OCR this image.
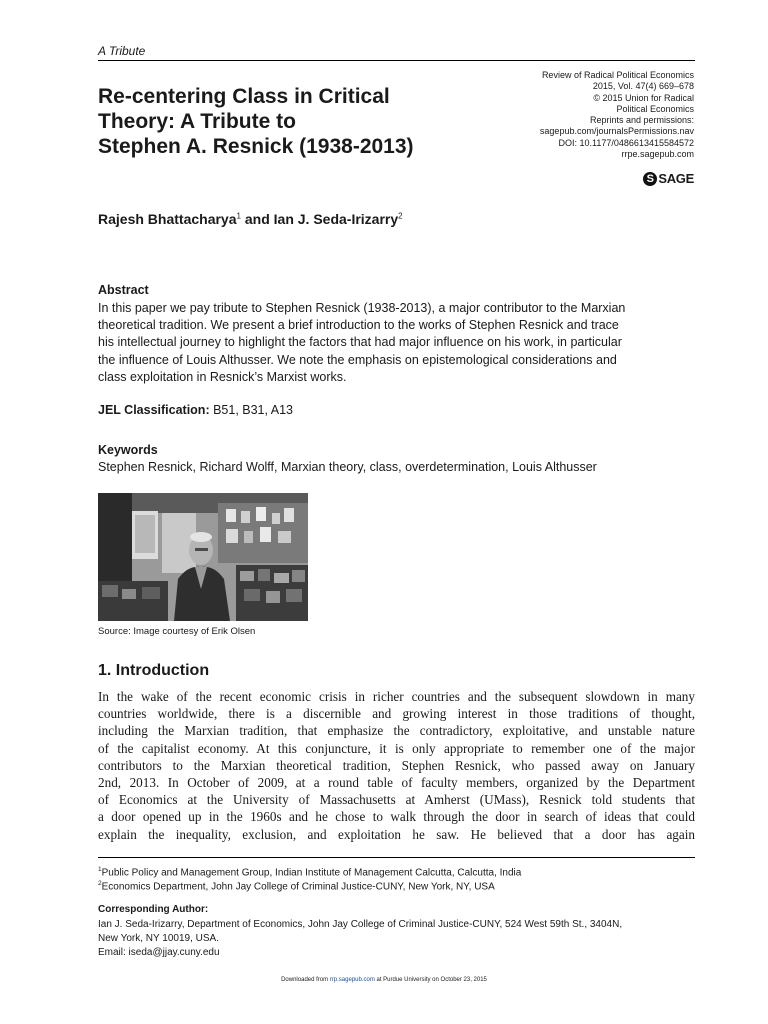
A Tribute
Re-centering Class in Critical
Theory: A Tribute to
Stephen A. Resnick (1938-2013)
Review of Radical Political Economics
2015, Vol. 47(4) 669–678
© 2015 Union for Radical
Political Economics
Reprints and permissions:
sagepub.com/journalsPermissions.nav
DOI: 10.1177/0486613415584572
rrpe.sagepub.com
S SAGE
Rajesh Bhattacharya$^1$ and Ian J. Seda-Irizarry$^2$
Abstract
In this paper we pay tribute to Stephen Resnick (1938-2013), a major contributor to the Marxian
theoretical tradition. We present a brief introduction to the works of Stephen Resnick and trace
his intellectual journey to highlight the factors that had major influence on his work, in particular
the influence of Louis Althusser. We note the emphasis on epistemological considerations and
class exploitation in Resnick’s Marxist works.
JEL Classification: B51, B31, A13
Keywords
Stephen Resnick, Richard Wolff, Marxian theory, class, overdetermination, Louis Althusser
Source: Image courtesy of Erik Olsen
1. Introduction
In the wake of the recent economic crisis in richer countries and the subsequent slowdown in many
countries worldwide, there is a discernible and growing interest in those traditions of thought,
including the Marxian tradition, that emphasize the contradictory, exploitative, and unstable nature
of the capitalist economy. At this conjuncture, it is only appropriate to remember one of the major
contributors to the Marxian theoretical tradition, Stephen Resnick, who passed away on January
2nd, 2013. In October of 2009, at a round table of faculty members, organized by the Department
of Economics at the University of Massachusetts at Amherst (UMass), Resnick told students that
a door opened up in the 1960s and he chose to walk through the door in search of ideas that could
explain the inequality, exclusion, and exploitation he saw. He believed that a door has again
$^1$Public Policy and Management Group, Indian Institute of Management Calcutta, Calcutta, India
$^2$Economics Department, John Jay College of Criminal Justice-CUNY, New York, NY, USA
Corresponding Author:
Ian J. Seda-Irizarry, Department of Economics, John Jay College of Criminal Justice-CUNY, 524 West 59th St., 3404N,
New York, NY 10019, USA.
Email: iseda@jjay.cuny.edu
Downloaded from rrp.sagepub.com at Purdue University on October 23, 2015
